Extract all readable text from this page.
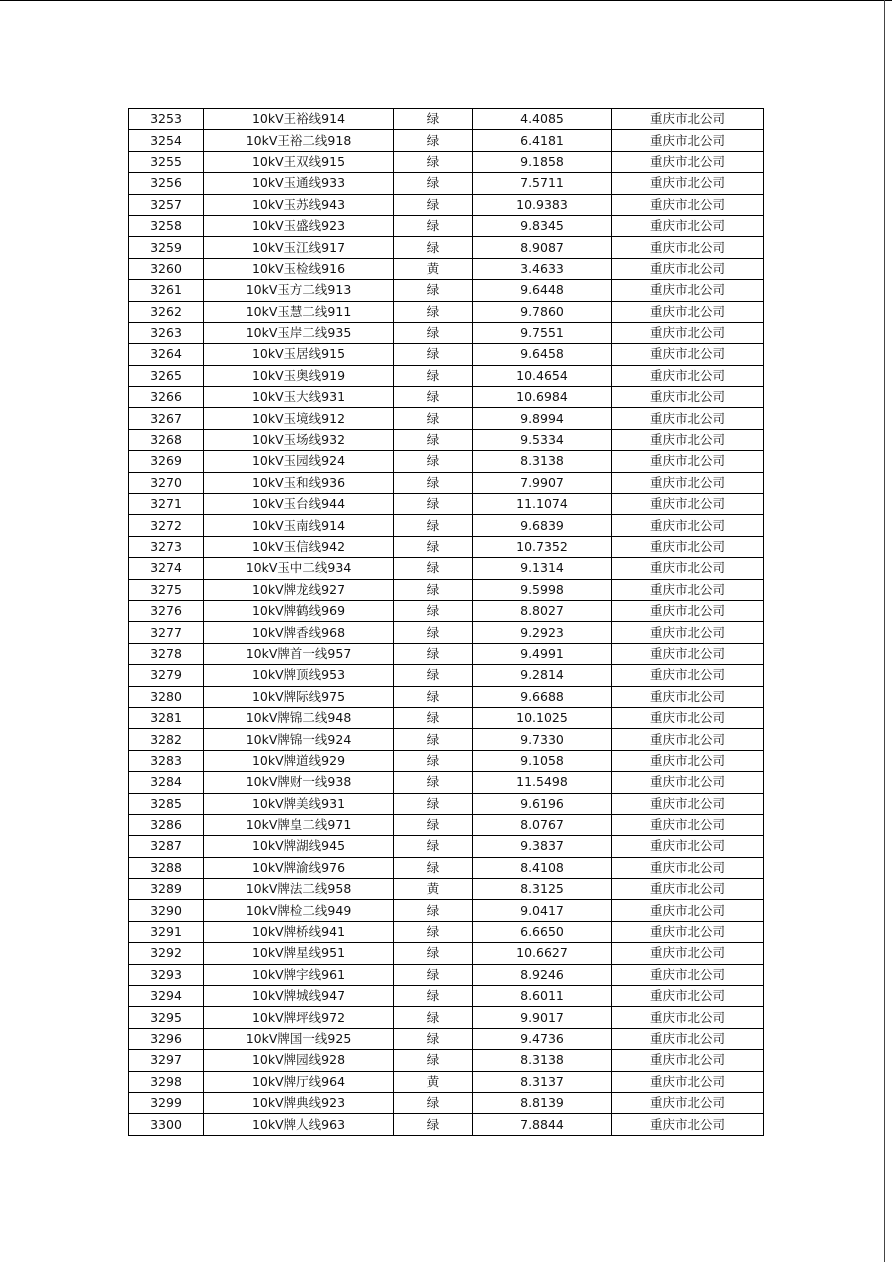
3253	10kV王裕线914	绿	4.4085	重庆市北公司
3254	10kV王裕二线918	绿	6.4181	重庆市北公司
3255	10kV王双线915	绿	9.1858	重庆市北公司
3256	10kV玉通线933	绿	7.5711	重庆市北公司
3257	10kV玉苏线943	绿	10.9383	重庆市北公司
3258	10kV玉盛线923	绿	9.8345	重庆市北公司
3259	10kV玉江线917	绿	8.9087	重庆市北公司
3260	10kV玉检线916	黄	3.4633	重庆市北公司
3261	10kV玉方二线913	绿	9.6448	重庆市北公司
3262	10kV玉慧二线911	绿	9.7860	重庆市北公司
3263	10kV玉岸二线935	绿	9.7551	重庆市北公司
3264	10kV玉居线915	绿	9.6458	重庆市北公司
3265	10kV玉奥线919	绿	10.4654	重庆市北公司
3266	10kV玉大线931	绿	10.6984	重庆市北公司
3267	10kV玉境线912	绿	9.8994	重庆市北公司
3268	10kV玉场线932	绿	9.5334	重庆市北公司
3269	10kV玉园线924	绿	8.3138	重庆市北公司
3270	10kV玉和线936	绿	7.9907	重庆市北公司
3271	10kV玉台线944	绿	11.1074	重庆市北公司
3272	10kV玉南线914	绿	9.6839	重庆市北公司
3273	10kV玉信线942	绿	10.7352	重庆市北公司
3274	10kV玉中二线934	绿	9.1314	重庆市北公司
3275	10kV牌龙线927	绿	9.5998	重庆市北公司
3276	10kV牌鹤线969	绿	8.8027	重庆市北公司
3277	10kV牌香线968	绿	9.2923	重庆市北公司
3278	10kV牌首一线957	绿	9.4991	重庆市北公司
3279	10kV牌顶线953	绿	9.2814	重庆市北公司
3280	10kV牌际线975	绿	9.6688	重庆市北公司
3281	10kV牌锦二线948	绿	10.1025	重庆市北公司
3282	10kV牌锦一线924	绿	9.7330	重庆市北公司
3283	10kV牌道线929	绿	9.1058	重庆市北公司
3284	10kV牌财一线938	绿	11.5498	重庆市北公司
3285	10kV牌美线931	绿	9.6196	重庆市北公司
3286	10kV牌皇二线971	绿	8.0767	重庆市北公司
3287	10kV牌湖线945	绿	9.3837	重庆市北公司
3288	10kV牌渝线976	绿	8.4108	重庆市北公司
3289	10kV牌法二线958	黄	8.3125	重庆市北公司
3290	10kV牌检二线949	绿	9.0417	重庆市北公司
3291	10kV牌桥线941	绿	6.6650	重庆市北公司
3292	10kV牌星线951	绿	10.6627	重庆市北公司
3293	10kV牌宇线961	绿	8.9246	重庆市北公司
3294	10kV牌城线947	绿	8.6011	重庆市北公司
3295	10kV牌坪线972	绿	9.9017	重庆市北公司
3296	10kV牌国一线925	绿	9.4736	重庆市北公司
3297	10kV牌园线928	绿	8.3138	重庆市北公司
3298	10kV牌厅线964	黄	8.3137	重庆市北公司
3299	10kV牌典线923	绿	8.8139	重庆市北公司
3300	10kV牌人线963	绿	7.8844	重庆市北公司
